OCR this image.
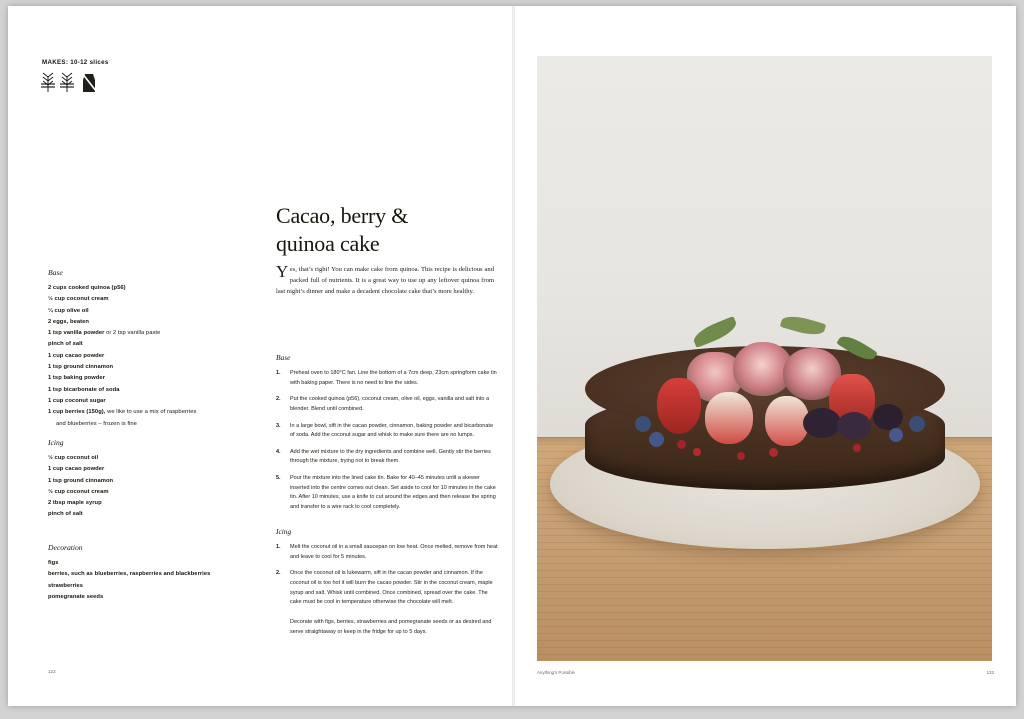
MAKES: 10-12 slices
Base
2 cups cooked quinoa (p56)
½ cup coconut cream
¼ cup olive oil
2 eggs, beaten
1 tsp vanilla powder or 2 tsp vanilla paste
pinch of salt
1 cup cacao powder
1 tsp ground cinnamon
1 tsp baking powder
1 tsp bicarbonate of soda
1 cup coconut sugar
1 cup berries (150g), we like to use a mix of raspberries
and blueberries – frozen is fine
Icing
½ cup coconut oil
1 cup cacao powder
1 tsp ground cinnamon
½ cup coconut cream
2 tbsp maple syrup
pinch of salt
Decoration
figs
berries, such as blueberries, raspberries and blackberries
strawberries
pomegranate seeds
122
Cacao, berry &
quinoa cake
Yes, that’s right! You can make cake from quinoa. This recipe is delicious and packed full of nutrients. It is a great way to use up any leftover quinoa from last night’s dinner and make a decadent chocolate cake that’s more healthy.
Base
1. Preheat oven to 180°C fan. Line the bottom of a 7cm deep, 23cm springform cake tin with baking paper. There is no need to line the sides.
2. Put the cooked quinoa (p56), coconut cream, olive oil, eggs, vanilla and salt into a blender. Blend until combined.
3. In a large bowl, sift in the cacao powder, cinnamon, baking powder and bicarbonate of soda. Add the coconut sugar and whisk to make sure there are no lumps.
4. Add the wet mixture to the dry ingredients and combine well. Gently stir the berries through the mixture, trying not to break them.
5. Pour the mixture into the lined cake tin. Bake for 40–45 minutes until a skewer inserted into the centre comes out clean. Set aside to cool for 10 minutes in the cake tin. After 10 minutes, use a knife to cut around the edges and then release the spring and transfer to a wire rack to cool completely.
Icing
1. Melt the coconut oil in a small saucepan on low heat. Once melted, remove from heat and leave to cool for 5 minutes.
2. Once the coconut oil is lukewarm, sift in the cacao powder and cinnamon. If the coconut oil is too hot it will burn the cacao powder. Stir in the coconut cream, maple syrup and salt. Whisk until combined. Once combined, spread over the cake. The cake must be cool in temperature otherwise the chocolate will melt.
Decorate with figs, berries, strawberries and pomegranate seeds or as desired and serve straightaway or keep in the fridge for up to 5 days.
Anything’s Possible	123
